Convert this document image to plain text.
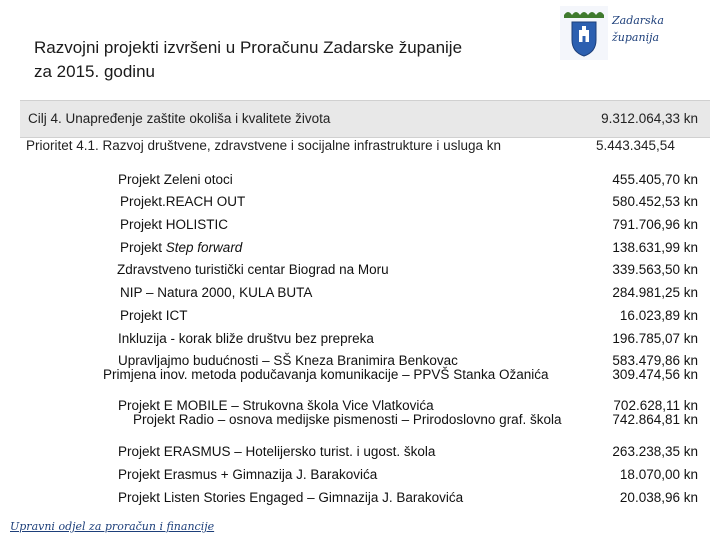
Razvojni projekti izvršeni u Proračunu Zadarske županije
za 2015. godinu
Zadarska
županija
Cilj 4. Unapređenje zaštite okoliša i kvalitete života	9.312.064,33 kn
Prioritet 4.1. Razvoj društvene, zdravstvene i socijalne infrastrukture i usluga kn	5.443.345,54
Projekt Zeleni otoci	455.405,70 kn
Projekt.REACH OUT	580.452,53 kn
Projekt HOLISTIC	791.706,96 kn
Projekt Step forward	138.631,99 kn
Zdravstveno turistički centar Biograd na Moru	339.563,50 kn
NIP – Natura 2000, KULA BUTA	284.981,25 kn
Projekt ICT	16.023,89 kn
Inkluzija - korak bliže društvu bez prepreka	196.785,07 kn
Upravljajmo budućnosti – SŠ Kneza Branimira Benkovac	583.479,86 kn
Primjena inov. metoda podučavanja komunikacije – PPVŠ Stanka Ožanića	309.474,56 kn
Projekt E MOBILE – Strukovna škola Vice Vlatkovića	702.628,11 kn
Projekt Radio – osnova medijske pismenosti – Prirodoslovno graf. škola	742.864,81 kn
Projekt ERASMUS – Hotelijersko turist. i ugost. škola	263.238,35 kn
Projekt Erasmus + Gimnazija J. Barakovića	18.070,00 kn
Projekt Listen Stories Engaged – Gimnazija J. Barakovića	20.038,96 kn
Upravni odjel za proračun i financije
